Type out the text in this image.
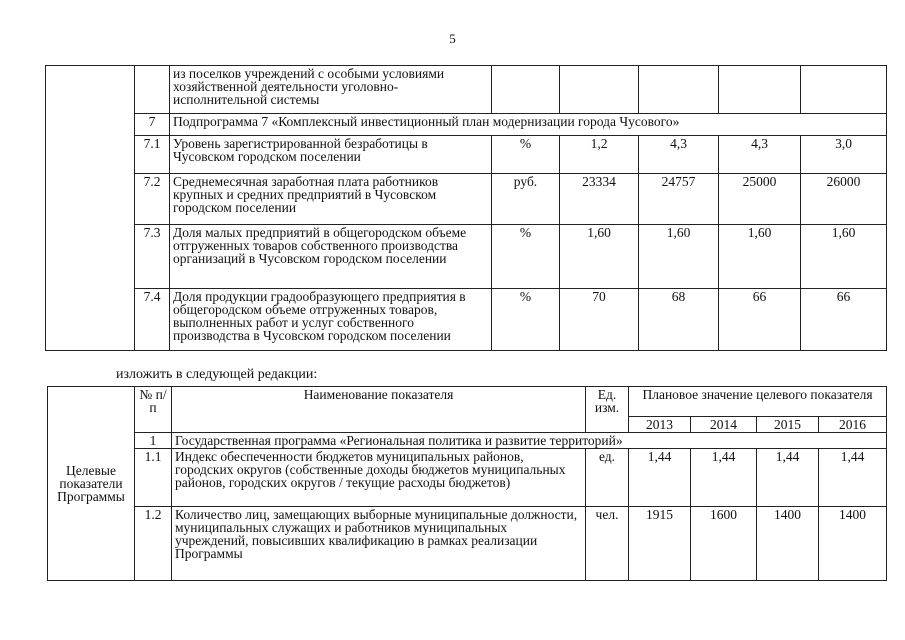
5
		из поселков учреждений с особыми условиями хозяйственной деятельности уголовно-исполнительной системы					
	7	Подпрограмма 7 «Комплексный инвестиционный план модернизации города Чусового»					
	7.1	Уровень зарегистрированной безработицы в Чусовском городском поселении	%	1,2	4,3	4,3	3,0
	7.2	Среднемесячная заработная плата работников крупных и средних предприятий в Чусовском городском поселении	руб.	23334	24757	25000	26000
	7.3	Доля малых предприятий в общегородском объеме отгруженных товаров собственного производства организаций в Чусовском городском поселении	%	1,60	1,60	1,60	1,60
	7.4	Доля продукции градообразующего предприятия в общегородском объеме отгруженных товаров, выполненных работ и услуг собственного производства в Чусовском городском поселении	%	70	68	66	66
изложить в следующей редакции:
Целевые показатели Программы	№ п/п	Наименование показателя	Ед. изм.	Плановое значение целевого показателя			
				2013	2014	2015	2016
	1	Государственная программа «Региональная политика и развитие территорий»					
	1.1	Индекс обеспеченности бюджетов муниципальных районов, городских округов (собственные доходы бюджетов муниципальных районов, городских округов / текущие расходы бюджетов)	ед.	1,44	1,44	1,44	1,44
	1.2	Количество лиц, замещающих выборные муниципальные должности, муниципальных служащих и работников муниципальных учреждений, повысивших квалификацию в рамках реализации Программы	чел.	1915	1600	1400	1400
